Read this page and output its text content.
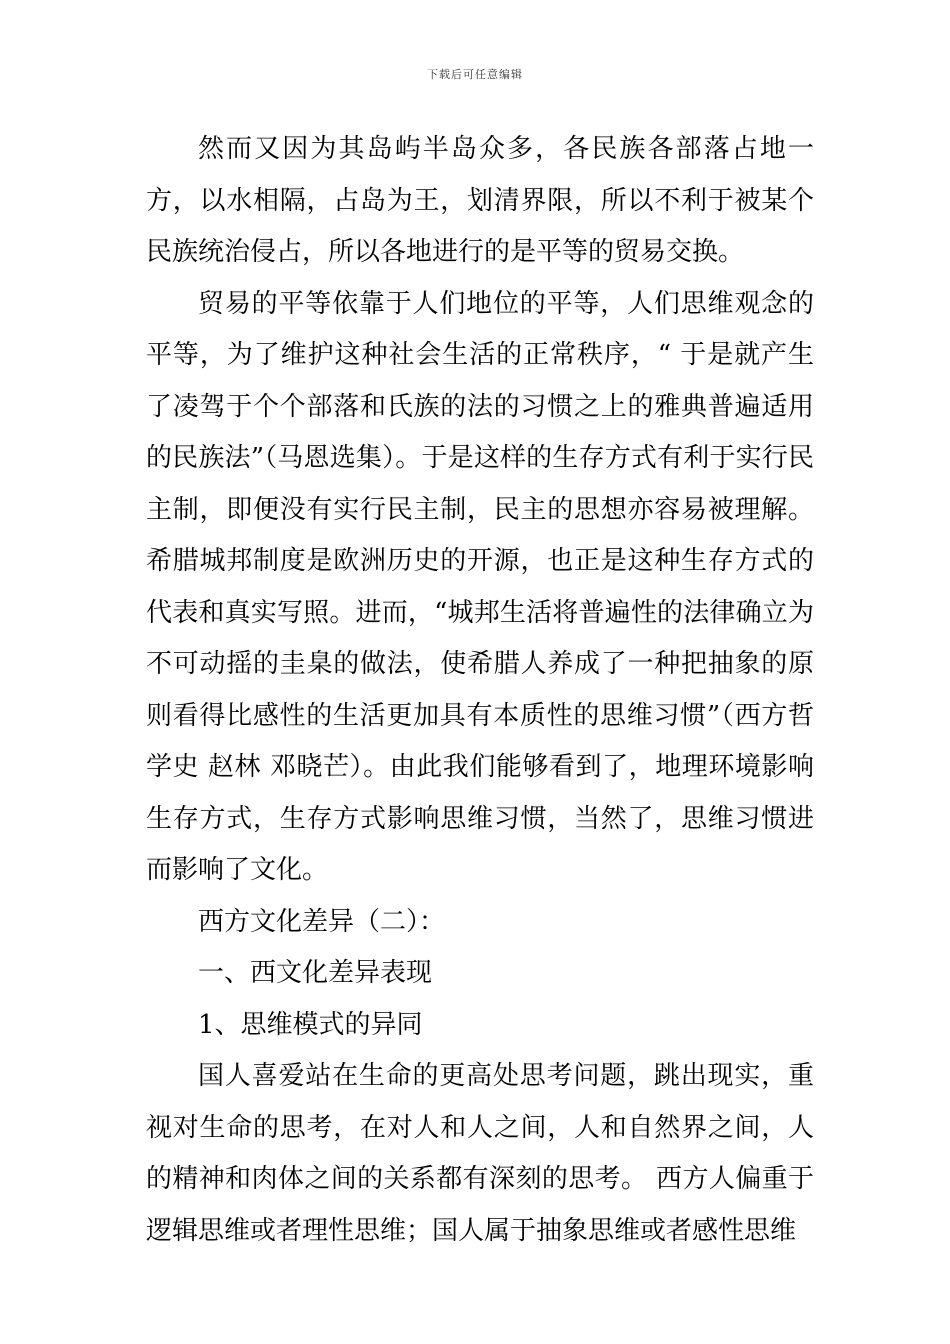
下载后可任意编辑

然而又因为其岛屿半岛众多，各民族各部落占地一方，以水相隔，占岛为王，划清界限，所以不利于被某个民族统治侵占，所以各地进行的是平等的贸易交换。

贸易的平等依靠于人们地位的平等，人们思维观念的平等，为了维护这种社会生活的正常秩序，“ 于是就产生了凌驾于个个部落和氏族的法的习惯之上的雅典普遍适用的民族法”（马恩选集）。于是这样的生存方式有利于实行民主制，即便没有实行民主制，民主的思想亦容易被理解。希腊城邦制度是欧洲历史的开源，也正是这种生存方式的代表和真实写照。进而，“城邦生活将普遍性的法律确立为不可动摇的圭臬的做法，使希腊人养成了一种把抽象的原则看得比感性的生活更加具有本质性的思维习惯”（西方哲学史 赵林 邓晓芒）。由此我们能够看到了，地理环境影响生存方式，生存方式影响思维习惯，当然了，思维习惯进而影响了文化。

西方文化差异（二）：

一、西文化差异表现

1、思维模式的异同

国人喜爱站在生命的更高处思考问题，跳出现实，重视对生命的思考，在对人和人之间，人和自然界之间，人的精神和肉体之间的关系都有深刻的思考。 西方人偏重于逻辑思维或者理性思维；国人属于抽象思维或者感性思维
